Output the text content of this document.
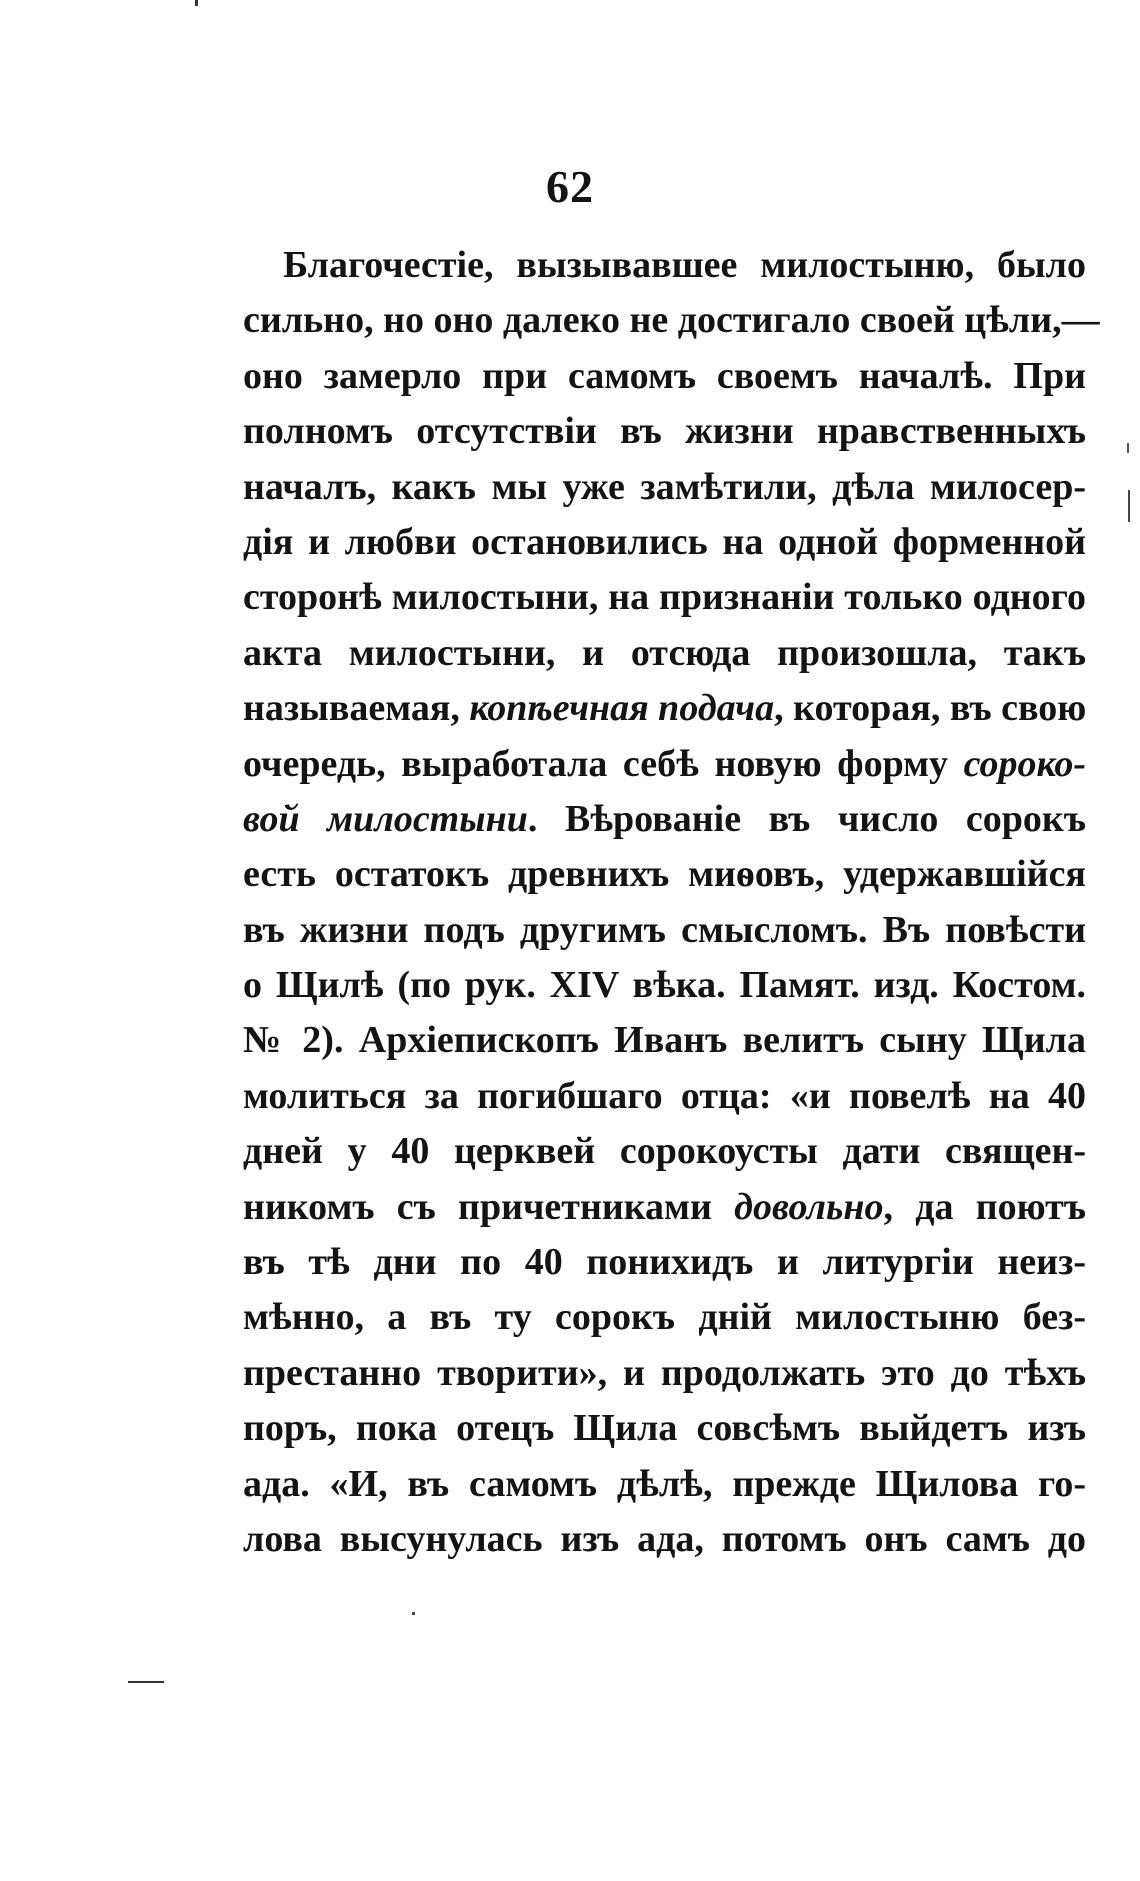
62
Благочестіе, вызывавшее милостыню, было
сильно, но оно далеко не достигало своей цѣли,—
оно замерло при самомъ своемъ началѣ. При
полномъ отсутствіи въ жизни нравственныхъ
началъ, какъ мы уже замѣтили, дѣла милосер-
дія и любви остановились на одной форменной
сторонѣ милостыни, на признаніи только одного
акта милостыни, и отсюда произошла, такъ
называемая, копѣечная подача, которая, въ свою
очередь, выработала себѣ новую форму сороко-
вой милостыни. Вѣрованіе въ число сорокъ
есть остатокъ древнихъ миѳовъ, удержавшійся
въ жизни подъ другимъ смысломъ. Въ повѣсти
о Щилѣ (по рук. XIV вѣка. Памят. изд. Костом.
№ 2). Архіепископъ Иванъ велитъ сыну Щила
молиться за погибшаго отца: «и повелѣ на 40
дней у 40 церквей сорокоусты дати священ-
никомъ съ причетниками довольно, да поютъ
въ тѣ дни по 40 понихидъ и литургіи неиз-
мѣнно, а въ ту сорокъ дній милостыню без-
престанно творити», и продолжать это до тѣхъ
поръ, пока отецъ Щила совсѣмъ выйдетъ изъ
ада. «И, въ самомъ дѣлѣ, прежде Щилова го-
лова высунулась изъ ада, потомъ онъ самъ до
